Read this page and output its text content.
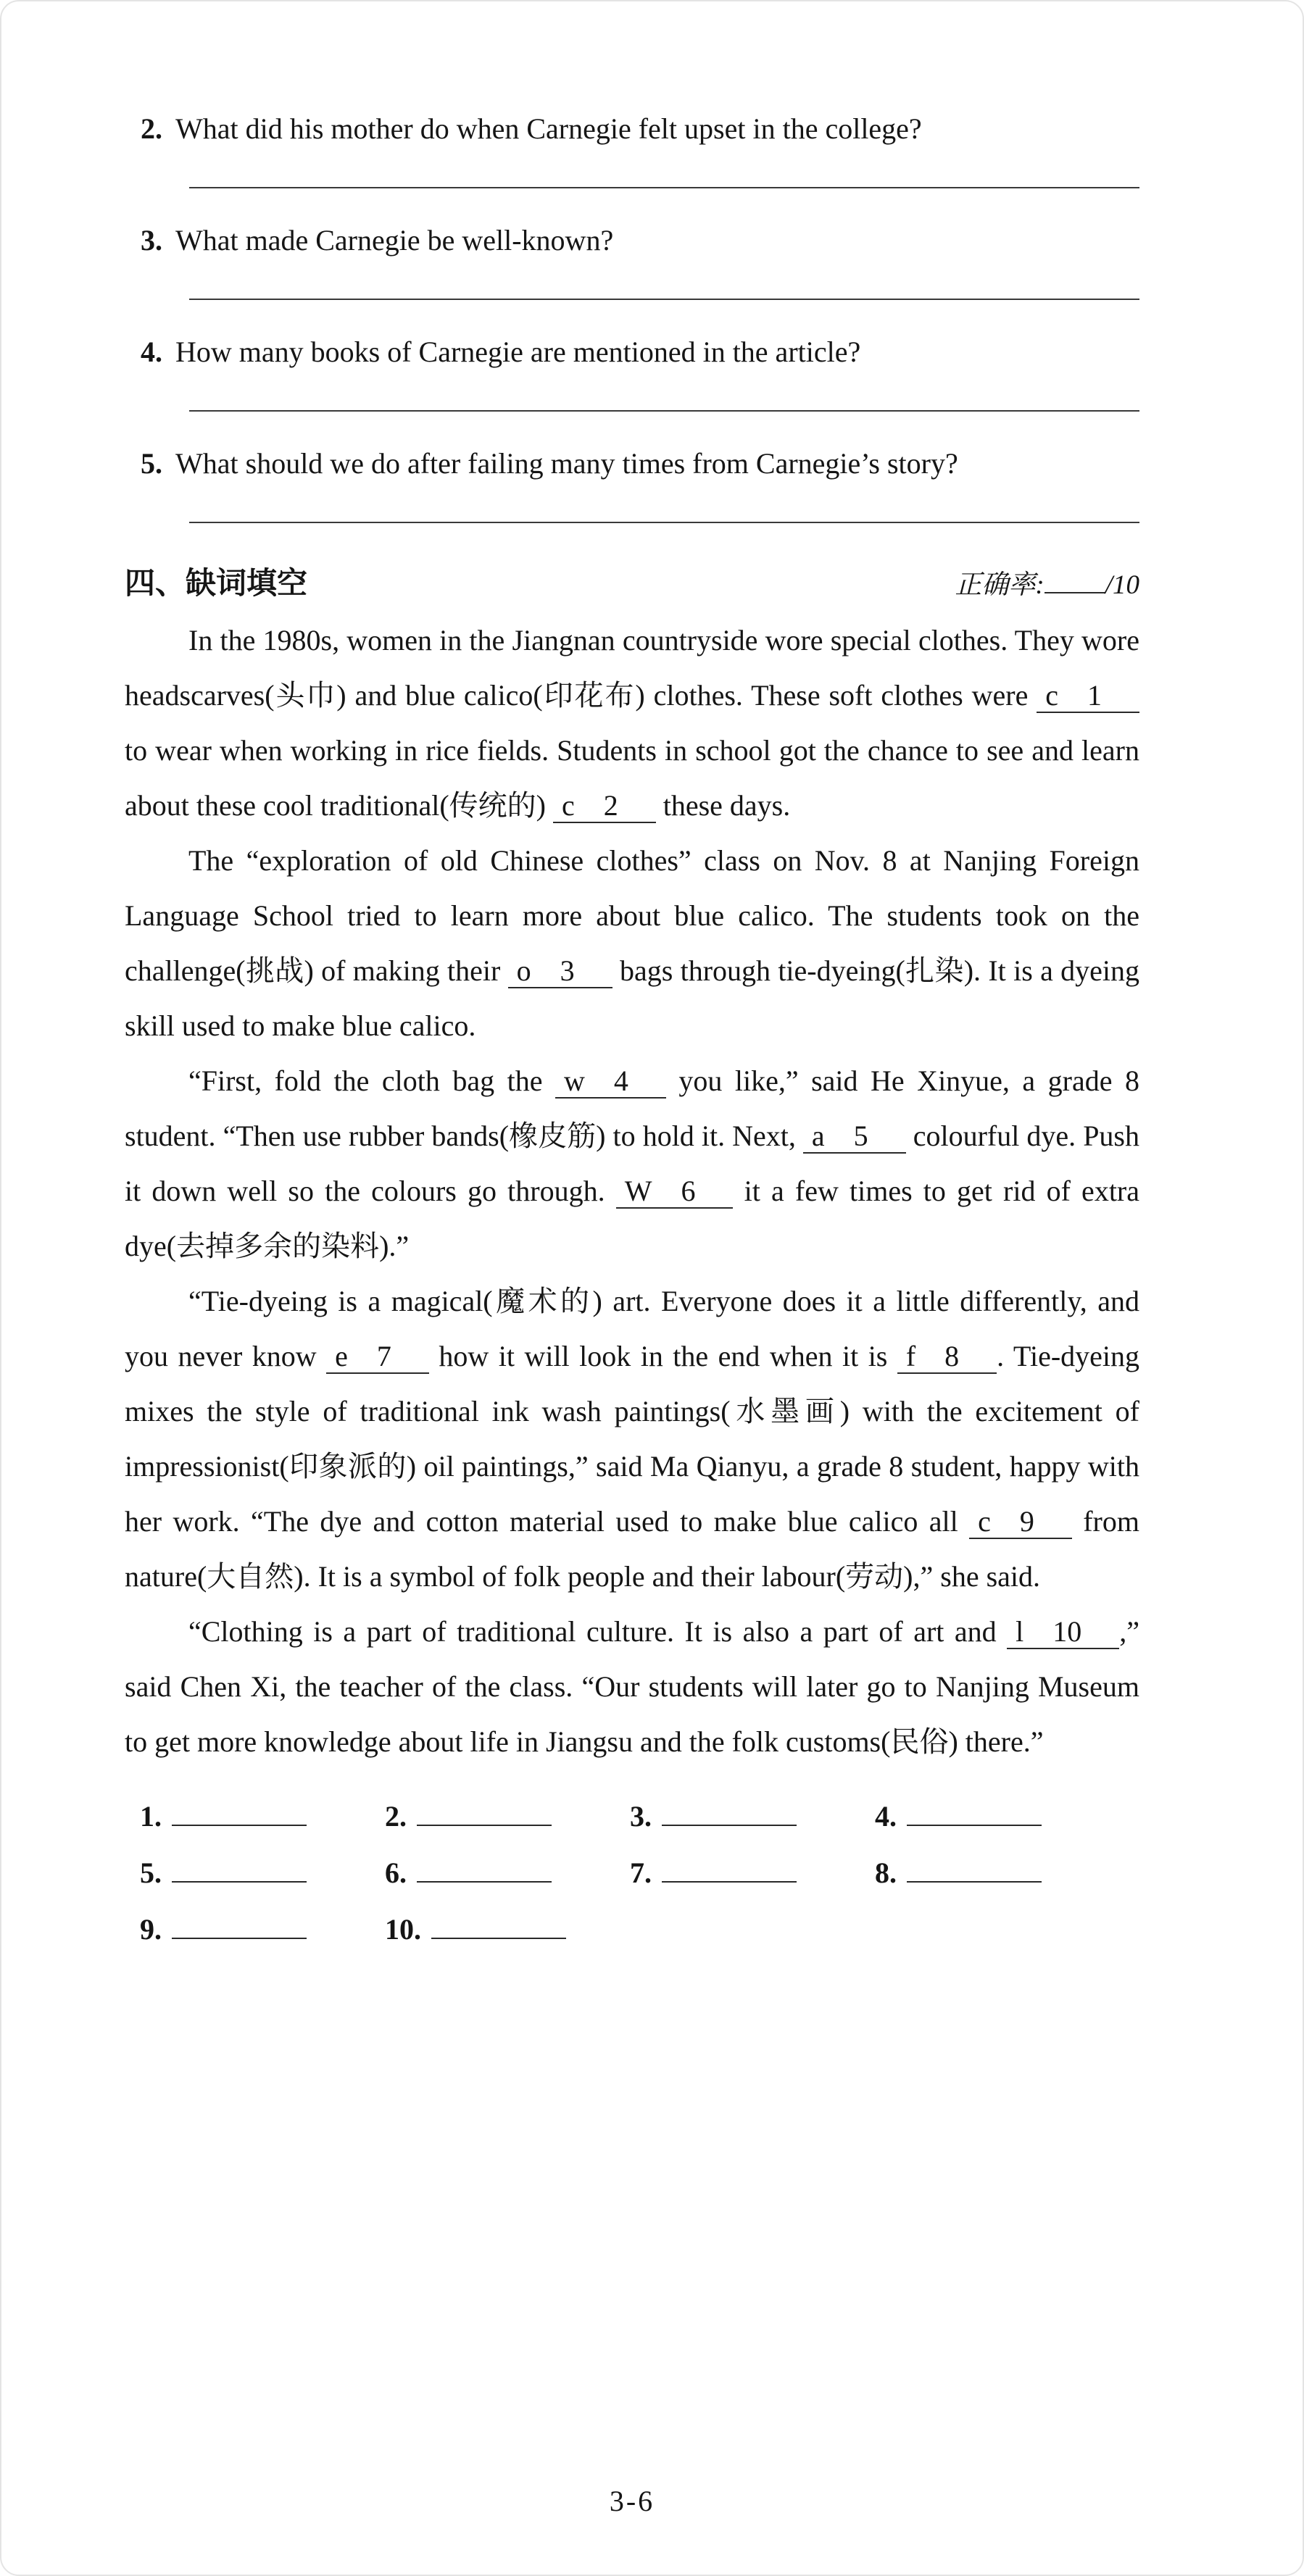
2. What did his mother do when Carnegie felt upset in the college?
3. What made Carnegie be well-known?
4. How many books of Carnegie are mentioned in the article?
5. What should we do after failing many times from Carnegie’s story?
四、缺词填空	正确率: /10

In the 1980s, women in the Jiangnan countryside wore special clothes. They wore headscarves(头巾) and blue calico(印花布) clothes. These soft clothes were c 1  to wear when working in rice fields. Students in school got the chance to see and learn about these cool traditional(传统的) c 2  these days.

The “exploration of old Chinese clothes” class on Nov. 8 at Nanjing Foreign Language School tried to learn more about blue calico. The students took on the challenge(挑战) of making their o 3  bags through tie-dyeing(扎染). It is a dyeing skill used to make blue calico.

“First, fold the cloth bag the w 4  you like,” said He Xinyue, a grade 8 student. “Then use rubber bands(橡皮筋) to hold it. Next, a 5  colourful dye. Push it down well so the colours go through. W 6  it a few times to get rid of extra dye(去掉多余的染料).”

“Tie-dyeing is a magical(魔术的) art. Everyone does it a little differently, and you never know e 7  how it will look in the end when it is f 8 . Tie-dyeing mixes the style of traditional ink wash paintings(水墨画) with the excitement of impressionist(印象派的) oil paintings,” said Ma Qianyu, a grade 8 student, happy with her work. “The dye and cotton material used to make blue calico all c 9  from nature(大自然). It is a symbol of folk people and their labour(劳动),” she said.

“Clothing is a part of traditional culture. It is also a part of art and l 10 ,” said Chen Xi, the teacher of the class. “Our students will later go to Nanjing Museum to get more knowledge about life in Jiangsu and the folk customs(民俗) there.”

1.	2.	3.	4.
5.	6.	7.	8.
9.	10.
3-6
